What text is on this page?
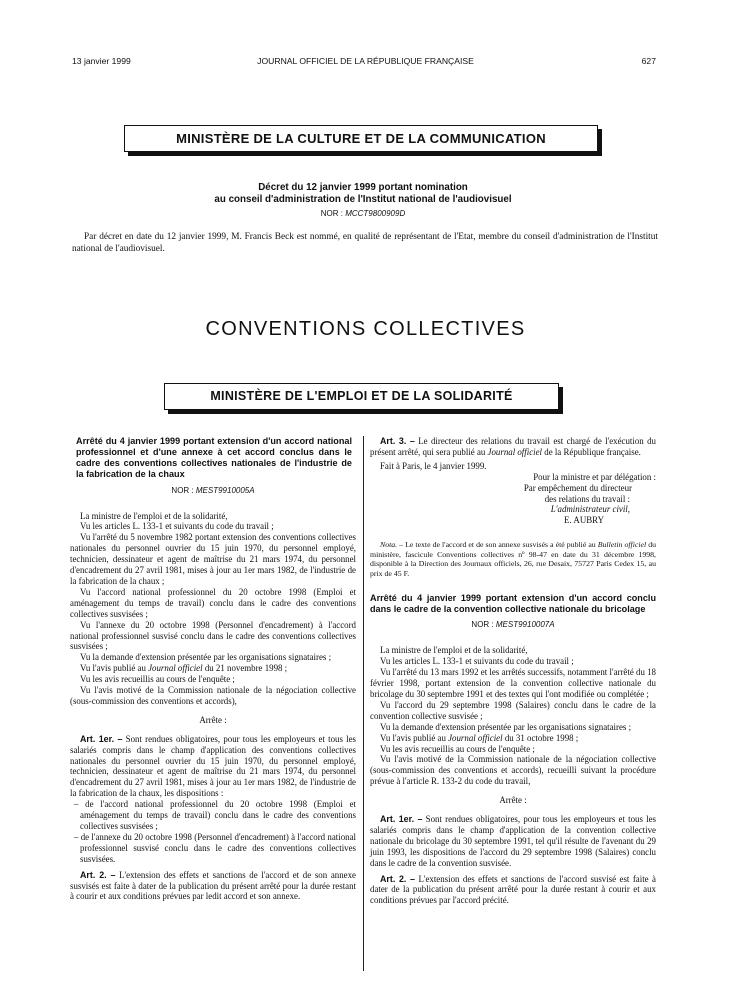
13 janvier 1999	JOURNAL OFFICIEL DE LA RÉPUBLIQUE FRANÇAISE	627
MINISTÈRE DE LA CULTURE ET DE LA COMMUNICATION
Décret du 12 janvier 1999 portant nomination
au conseil d'administration de l'Institut national de l'audiovisuel
NOR : MCCT9800909D

Par décret en date du 12 janvier 1999, M. Francis Beck est nommé, en qualité de représentant de l'Etat, membre du conseil d'administration de l'Institut national de l'audiovisuel.

CONVENTIONS COLLECTIVES
MINISTÈRE DE L'EMPLOI ET DE LA SOLIDARITÉ

Arrêté du 4 janvier 1999 portant extension d'un accord national professionnel et d'une annexe à cet accord conclus dans le cadre des conventions collectives nationales de l'industrie de la fabrication de la chaux

NOR : MEST9910005A

La ministre de l'emploi et de la solidarité,

Vu les articles L. 133-1 et suivants du code du travail ;

Vu l'arrêté du 5 novembre 1982 portant extension des conventions collectives nationales du personnel ouvrier du 15 juin 1970, du personnel employé, technicien, dessinateur et agent de maîtrise du 21 mars 1974, du personnel d'encadrement du 27 avril 1981, mises à jour au 1er mars 1982, de l'industrie de la fabrication de la chaux ;

Vu l'accord national professionnel du 20 octobre 1998 (Emploi et aménagement du temps de travail) conclu dans le cadre des conventions collectives susvisées ;

Vu l'annexe du 20 octobre 1998 (Personnel d'encadrement) à l'accord national professionnel susvisé conclu dans le cadre des conventions collectives susvisées ;

Vu la demande d'extension présentée par les organisations signataires ;

Vu l'avis publié au Journal officiel du 21 novembre 1998 ;

Vu les avis recueillis au cours de l'enquête ;

Vu l'avis motivé de la Commission nationale de la négociation collective (sous-commission des conventions et accords),

Arrête :

Art. 1er. – Sont rendues obligatoires, pour tous les employeurs et tous les salariés compris dans le champ d'application des conventions collectives nationales du personnel ouvrier du 15 juin 1970, du personnel employé, technicien, dessinateur et agent de maîtrise du 21 mars 1974, du personnel d'encadrement du 27 avril 1981, mises à jour au 1er mars 1982, de l'industrie de la fabrication de la chaux, les dispositions :

– de l'accord national professionnel du 20 octobre 1998 (Emploi et aménagement du temps de travail) conclu dans le cadre des conventions collectives susvisées ;

– de l'annexe du 20 octobre 1998 (Personnel d'encadrement) à l'accord national professionnel susvisé conclu dans le cadre des conventions collectives susvisées.

Art. 2. – L'extension des effets et sanctions de l'accord et de son annexe susvisés est faite à dater de la publication du présent arrêté pour la durée restant à courir et aux conditions prévues par ledit accord et son annexe.

Art. 3. – Le directeur des relations du travail est chargé de l'exécution du présent arrêté, qui sera publié au Journal officiel de la République française.

Fait à Paris, le 4 janvier 1999.

Pour la ministre et par délégation :

Par empêchement du directeur

des relations du travail :

L'administrateur civil,

E. AUBRY

Nota. – Le texte de l'accord et de son annexe susvisés a été publié au Bulletin officiel du ministère, fascicule Conventions collectives nº 98-47 en date du 31 décembre 1998, disponible à la Direction des Journaux officiels, 26, rue Desaix, 75727 Paris Cedex 15, au prix de 45 F.

Arrêté du 4 janvier 1999 portant extension d'un accord conclu dans le cadre de la convention collective nationale du bricolage

NOR : MEST9910007A

La ministre de l'emploi et de la solidarité,

Vu les articles L. 133-1 et suivants du code du travail ;

Vu l'arrêté du 13 mars 1992 et les arrêtés successifs, notamment l'arrêté du 18 février 1998, portant extension de la convention collective nationale du bricolage du 30 septembre 1991 et des textes qui l'ont modifiée ou complétée ;

Vu l'accord du 29 septembre 1998 (Salaires) conclu dans le cadre de la convention collective susvisée ;

Vu la demande d'extension présentée par les organisations signataires ;

Vu l'avis publié au Journal officiel du 31 octobre 1998 ;

Vu les avis recueillis au cours de l'enquête ;

Vu l'avis motivé de la Commission nationale de la négociation collective (sous-commission des conventions et accords), recueilli suivant la procédure prévue à l'article R. 133-2 du code du travail,

Arrête :

Art. 1er. – Sont rendues obligatoires, pour tous les employeurs et tous les salariés compris dans le champ d'application de la convention collective nationale du bricolage du 30 septembre 1991, tel qu'il résulte de l'avenant du 29 juin 1993, les dispositions de l'accord du 29 septembre 1998 (Salaires) conclu dans le cadre de la convention susvisée.

Art. 2. – L'extension des effets et sanctions de l'accord susvisé est faite à dater de la publication du présent arrêté pour la durée restant à courir et aux conditions prévues par l'accord précité.
